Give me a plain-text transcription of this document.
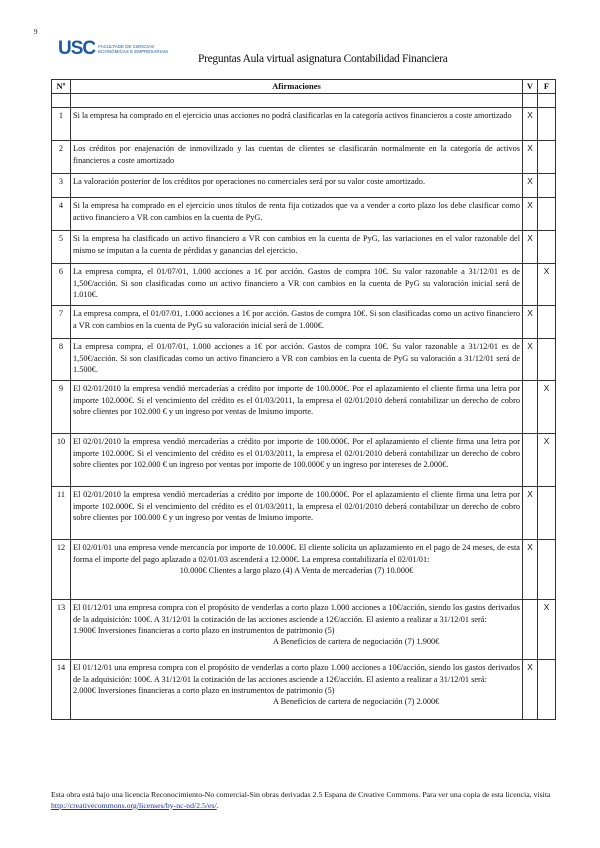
9
USC FACULTADE DE CIENCIAS ECONÓMICAS E EMPRESARIAIS
Preguntas Aula virtual asignatura Contabilidad Financiera
Nº	Afirmaciones	V	F

1	Si la empresa ha comprado en el ejercicio unas acciones no podrá clasificarlas en la categoría activos financieros a coste amortizado	X	
2	Los créditos por enajenación de inmovilizado y las cuentas de clientes se clasificarán normalmente en la categoría de activos financieros a coste amortizado	X	
3	La valoración posterior de los créditos por operaciones no comerciales será por su valor coste amortizado.	X	
4	Si la empresa ha comprado en el ejercicio unos títulos de renta fija cotizados que va a vender a corto plazo los debe clasificar como activo financiero a VR con cambios en la cuenta de PyG.	X	
5	Si la empresa ha clasificado un activo financiero a VR con cambios en la cuenta de PyG, las variaciones en el valor razonable del mismo se imputan a la cuenta de pérdidas y ganancias del ejercicio.	X	
6	La empresa compra, el 01/07/01, 1.000 acciones a 1€ por acción. Gastos de compra 10€. Su valor razonable a 31/12/01 es de 1,50€/acción. Si son clasificadas como un activo financiero a VR con cambios en la cuenta de PyG su valoración inicial será de 1.010€.		X
7	La empresa compra, el 01/07/01, 1.000 acciones a 1€ por acción. Gastos de compra 10€. Si son clasificadas como un activo financiero a VR con cambios en la cuenta de PyG su valoración inicial será de 1.000€.	X	
8	La empresa compra, el 01/07/01, 1.000 acciones a 1€ por acción. Gastos de compra 10€. Su valor razonable a 31/12/01 es de 1,50€/acción. Si son clasificadas como un activo financiero a VR con cambios en la cuenta de PyG su valoración a 31/12/01 será de 1.500€.	X	
9	El 02/01/2010 la empresa vendió mercaderías a crédito por importe de 100.000€. Por el aplazamiento el cliente firma una letra por importe 102.000€. Si el vencimiento del crédito es el 01/03/2011, la empresa el 02/01/2010 deberá contabilizar un derecho de cobro sobre clientes por 102.000 € y un ingreso por ventas de lmismo importe.		X
10	El 02/01/2010 la empresa vendió mercaderías a crédito por importe de 100.000€. Por el aplazamiento el cliente firma una letra por importe 102.000€. Si el vencimiento del crédito es el 01/03/2011, la empresa el 02/01/2010 deberá contabilizar un derecho de cobro sobre clientes por 102.000 € un ingreso por ventas por importe de 100.000€ y un ingreso por intereses de 2.000€.		X
11	El 02/01/2010 la empresa vendió mercaderías a crédito por importe de 100.000€. Por el aplazamiento el cliente firma una letra por importe 102.000€. Si el vencimiento del crédito es el 01/03/2011, la empresa el 02/01/2010 deberá contabilizar un derecho de cobro sobre clientes por 100.000 € y un ingreso por ventas de lmismo importe.	X	
12	El 02/01/01 una empresa vende mercancía por importe de 10.000€. El cliente solicita un aplazamiento en el pago de 24 meses, de esta forma el importe del pago aplazado a 02/01/03 ascenderá a 12.000€. La empresa contabilizaría el 02/01/01:
10.000€ Clientes a largo plazo (4) A Venta de mercaderías (7) 10.000€	X	
13	El 01/12/01 una empresa compra con el propósito de venderlas a corto plazo 1.000 acciones a 10€/acción, siendo los gastos derivados de la adquisición: 100€. A 31/12/01 la cotización de las acciones asciende a 12€/acción. El asiento a realizar a 31/12/01 será:
1.900€ Inversiones financieras a corto plazo en instrumentos de patrimonio (5)
A Beneficios de cartera de negociación (7) 1.900€		X
14	El 01/12/01 una empresa compra con el propósito de venderlas a corto plazo 1.000 acciones a 10€/acción, siendo los gastos derivados de la adquisición: 100€. A 31/12/01 la cotización de las acciones asciende a 12€/acción. El asiento a realizar a 31/12/01 será:
2.000€ Inversiones financieras a corto plazo en instrumentos de patrimonio (5)
A Beneficios de cartera de negociación (7) 2.000€	X	
Esta obra está bajo una licencia Reconocimiento-No comercial-Sin obras derivadas 2.5 Espana de Creative Commons. Para ver una copia de esta licencia, visita http://creativecommons.org/licenses/by-nc-nd/2.5/es/.
